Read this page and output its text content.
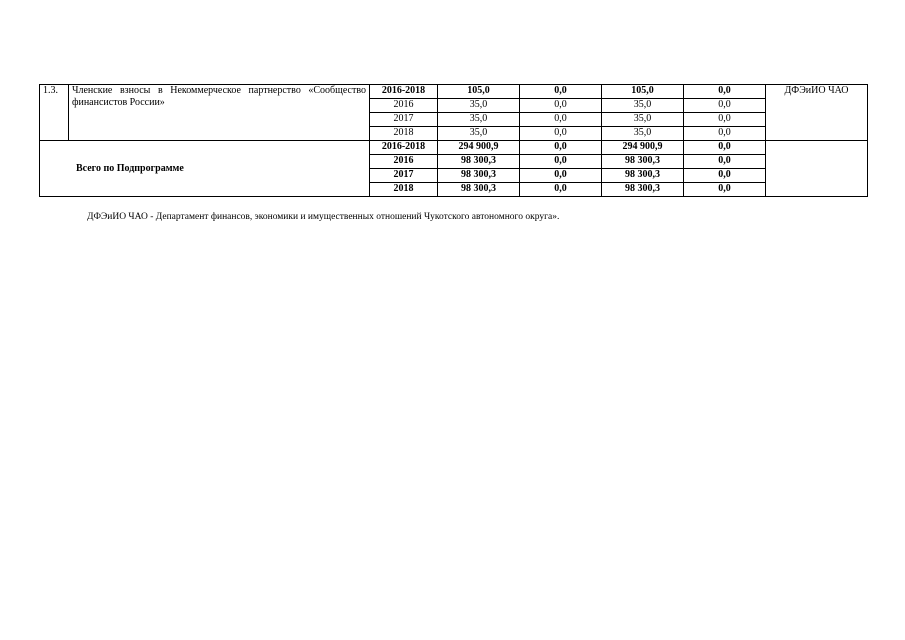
1.3.	Членские взносы в Некоммерческое партнерство «Сообщество финансистов России»	2016-2018	105,0	0,0	105,0	0,0	ДФЭиИО ЧАО
		2016	35,0	0,0	35,0	0,0	
		2017	35,0	0,0	35,0	0,0	
		2018	35,0	0,0	35,0	0,0	
Всего по Подпрограмме		2016-2018	294 900,9	0,0	294 900,9	0,0	
		2016	98 300,3	0,0	98 300,3	0,0	
		2017	98 300,3	0,0	98 300,3	0,0	
		2018	98 300,3	0,0	98 300,3	0,0	
ДФЭиИО ЧАО - Департамент финансов, экономики и имущественных отношений Чукотского автономного округа».
